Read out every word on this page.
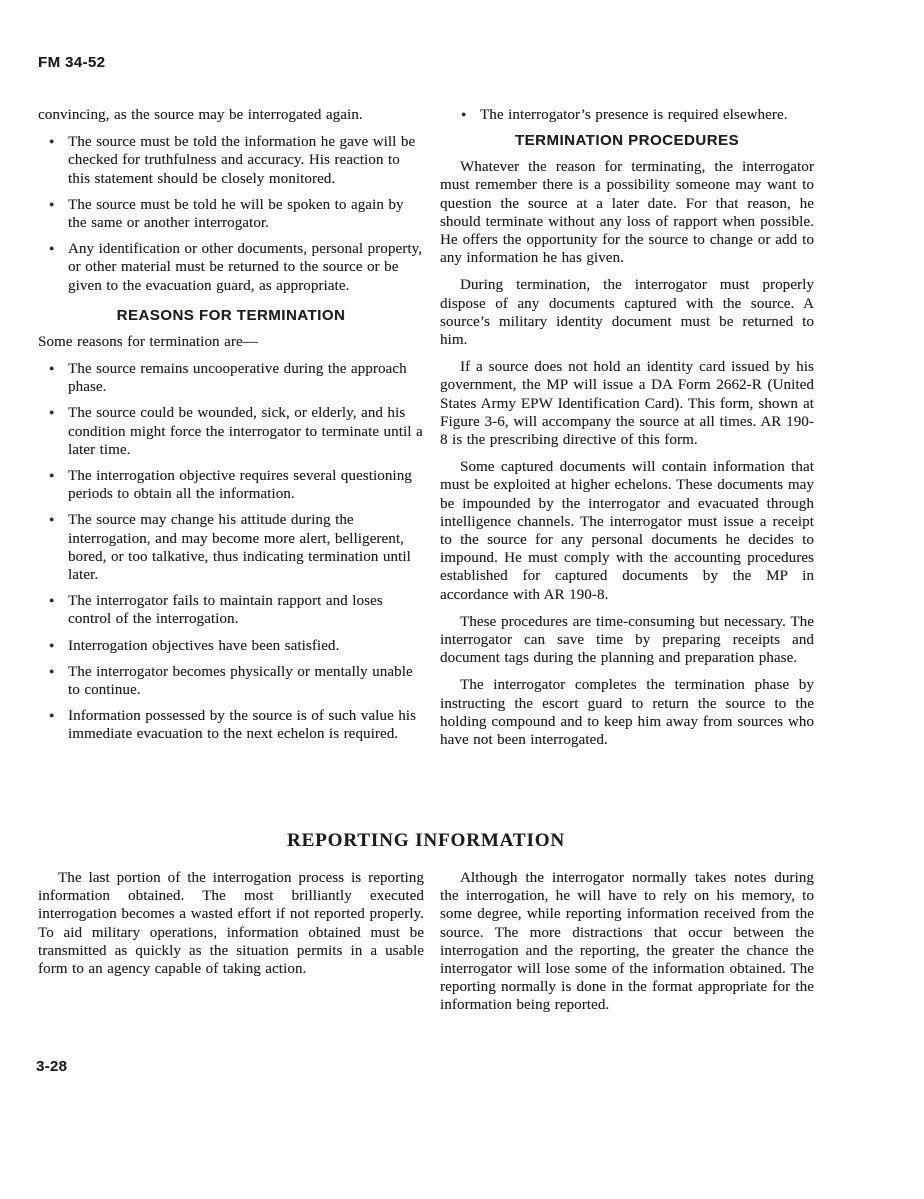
FM 34-52

convincing, as the source may be interrogated again.

● The source must be told the information he gave will be checked for truthfulness and accuracy. His reaction to this statement should be closely monitored.
● The source must be told he will be spoken to again by the same or another interrogator.
● Any identification or other documents, personal property, or other material must be returned to the source or be given to the evacuation guard, as appropriate.
REASONS FOR TERMINATION

Some reasons for termination are—

● The source remains uncooperative during the approach phase.
● The source could be wounded, sick, or elderly, and his condition might force the interrogator to terminate until a later time.
● The interrogation objective requires several questioning periods to obtain all the information.
● The source may change his attitude during the interrogation, and may become more alert, belligerent, bored, or too talkative, thus indicating termination until later.
● The interrogator fails to maintain rapport and loses control of the interrogation.
● Interrogation objectives have been satisfied.
● The interrogator becomes physically or mentally unable to continue.
● Information possessed by the source is of such value his immediate evacuation to the next echelon is required.
● The interrogator’s presence is required elsewhere.
TERMINATION PROCEDURES

Whatever the reason for terminating, the interrogator must remember there is a possibility someone may want to question the source at a later date. For that reason, he should terminate without any loss of rapport when possible. He offers the opportunity for the source to change or add to any information he has given.

During termination, the interrogator must properly dispose of any documents captured with the source. A source’s military identity document must be returned to him.

If a source does not hold an identity card issued by his government, the MP will issue a DA Form 2662-R (United States Army EPW Identification Card). This form, shown at Figure 3-6, will accompany the source at all times. AR 190-8 is the prescribing directive of this form.

Some captured documents will contain information that must be exploited at higher echelons. These documents may be impounded by the interrogator and evacuated through intelligence channels. The interrogator must issue a receipt to the source for any personal documents he decides to impound. He must comply with the accounting procedures established for captured documents by the MP in accordance with AR 190-8.

These procedures are time-consuming but necessary. The interrogator can save time by preparing receipts and document tags during the planning and preparation phase.

The interrogator completes the termination phase by instructing the escort guard to return the source to the holding compound and to keep him away from sources who have not been interrogated.

REPORTING INFORMATION

The last portion of the interrogation process is reporting information obtained. The most brilliantly executed interrogation becomes a wasted effort if not reported properly. To aid military operations, information obtained must be transmitted as quickly as the situation permits in a usable form to an agency capable of taking action.

Although the interrogator normally takes notes during the interrogation, he will have to rely on his memory, to some degree, while reporting information received from the source. The more distractions that occur between the interrogation and the reporting, the greater the chance the interrogator will lose some of the information obtained. The reporting normally is done in the format appropriate for the information being reported.

3-28
